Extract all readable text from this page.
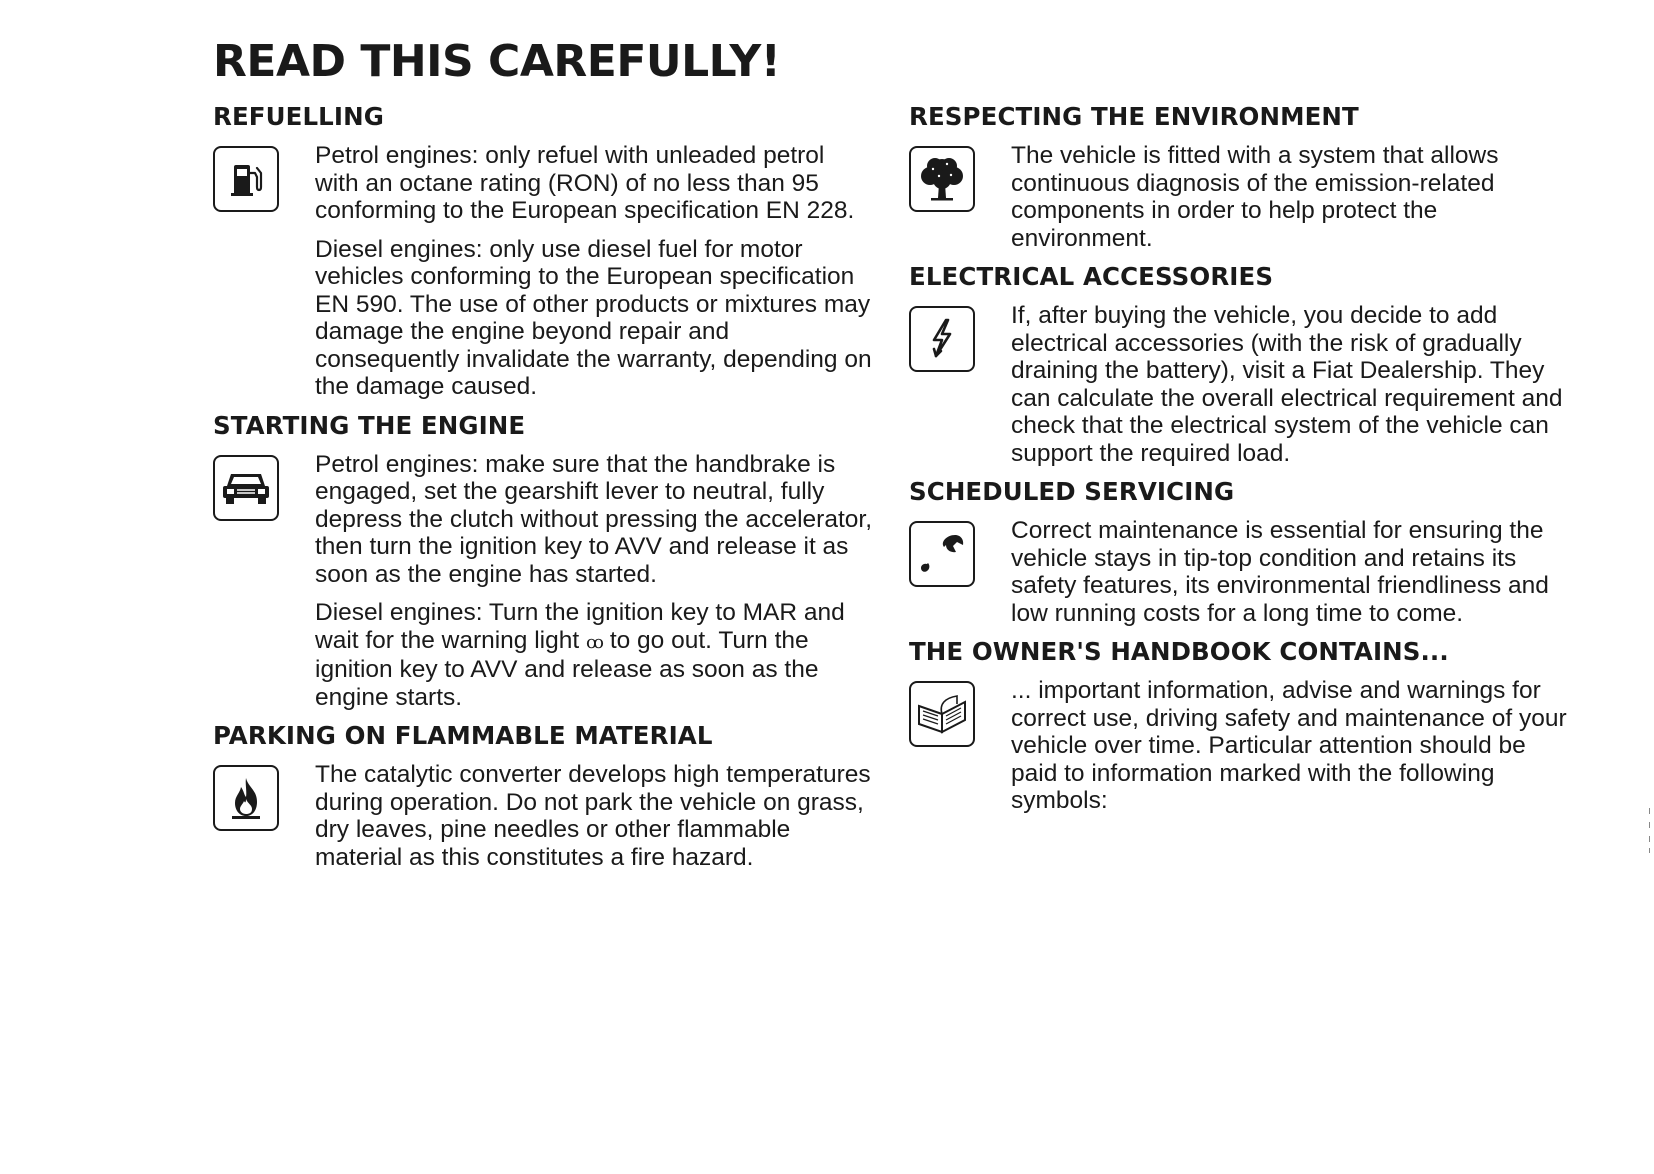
READ THIS CAREFULLY!
REFUELLING

Petrol engines: only refuel with unleaded petrol with an octane rating (RON) of no less than 95 conforming to the European specification EN 228.

Diesel engines: only use diesel fuel for motor vehicles conforming to the European specification EN 590. The use of other products or mixtures may damage the engine beyond repair and consequently invalidate the warranty, depending on the damage caused.

STARTING THE ENGINE

Petrol engines: make sure that the handbrake is engaged, set the gearshift lever to neutral, fully depress the clutch without pressing the accelerator, then turn the ignition key to AVV and release it as soon as the engine has started.

Diesel engines: Turn the ignition key to MAR and wait for the warning light ꝏ to go out. Turn the ignition key to AVV and release as soon as the engine starts.

PARKING ON FLAMMABLE MATERIAL

The catalytic converter develops high temperatures during operation. Do not park the vehicle on grass, dry leaves, pine needles or other flammable material as this constitutes a fire hazard.

RESPECTING THE ENVIRONMENT

The vehicle is fitted with a system that allows continuous diagnosis of the emission-related components in order to help protect the environment.

ELECTRICAL ACCESSORIES

If, after buying the vehicle, you decide to add electrical accessories (with the risk of gradually draining the battery), visit a Fiat Dealership. They can calculate the overall electrical requirement and check that the electrical system of the vehicle can support the required load.

SCHEDULED SERVICING

Correct maintenance is essential for ensuring the vehicle stays in tip-top condition and retains its safety features, its environmental friendliness and low running costs for a long time to come.

THE OWNER'S HANDBOOK CONTAINS...

... important information, advise and warnings for correct use, driving safety and maintenance of your vehicle over time. Particular attention should be paid to information marked with the following symbols:
